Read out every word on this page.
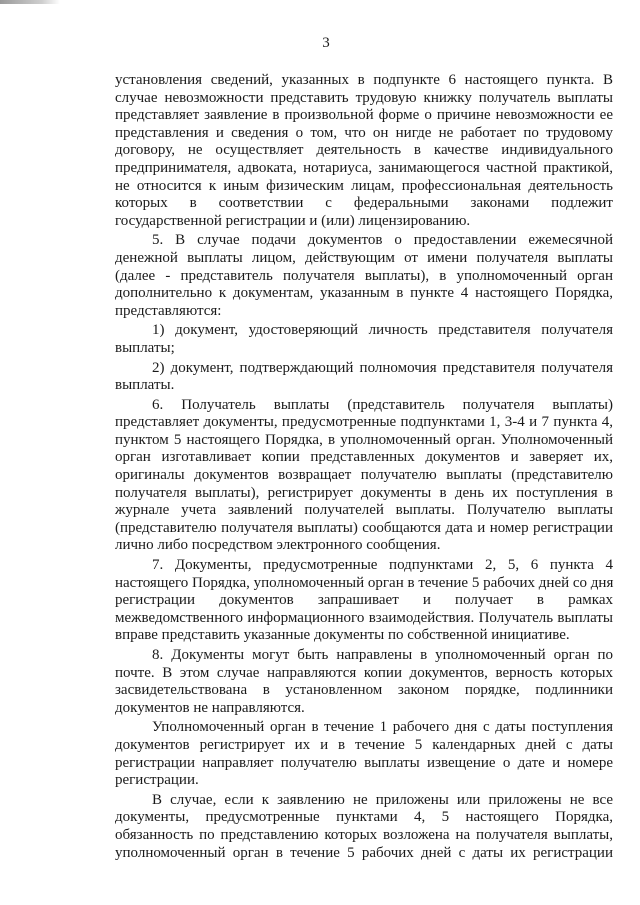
3
установления сведений, указанных в подпункте 6 настоящего пункта. В
случае невозможности представить трудовую книжку получатель выплаты
представляет заявление в произвольной форме о причине невозможности ее
представления и сведения о том, что он нигде не работает по трудовому
договору, не осуществляет деятельность в качестве индивидуального
предпринимателя, адвоката, нотариуса, занимающегося частной практикой,
не относится к иным физическим лицам, профессиональная деятельность
которых в соответствии с федеральными законами подлежит
государственной регистрации и (или) лицензированию.
5. В случае подачи документов о предоставлении ежемесячной
денежной выплаты лицом, действующим от имени получателя выплаты
(далее - представитель получателя выплаты), в уполномоченный орган
дополнительно к документам, указанным в пункте 4 настоящего Порядка,
представляются:
1) документ, удостоверяющий личность представителя получателя
выплаты;
2) документ, подтверждающий полномочия представителя получателя
выплаты.
6. Получатель выплаты (представитель получателя выплаты)
представляет документы, предусмотренные подпунктами 1, 3-4 и 7 пункта 4,
пунктом 5 настоящего Порядка, в уполномоченный орган. Уполномоченный
орган изготавливает копии представленных документов и заверяет их,
оригиналы документов возвращает получателю выплаты (представителю
получателя выплаты), регистрирует документы в день их поступления в
журнале учета заявлений получателей выплаты. Получателю выплаты
(представителю получателя выплаты) сообщаются дата и номер регистрации
лично либо посредством электронного сообщения.
7. Документы, предусмотренные подпунктами 2, 5, 6 пункта 4
настоящего Порядка, уполномоченный орган в течение 5 рабочих дней со дня
регистрации документов запрашивает и получает в рамках
межведомственного информационного взаимодействия. Получатель выплаты
вправе представить указанные документы по собственной инициативе.
8. Документы могут быть направлены в уполномоченный орган по
почте. В этом случае направляются копии документов, верность которых
засвидетельствована в установленном законом порядке, подлинники
документов не направляются.
Уполномоченный орган в течение 1 рабочего дня с даты поступления
документов регистрирует их и в течение 5 календарных дней с даты
регистрации направляет получателю выплаты извещение о дате и номере
регистрации.
В случае, если к заявлению не приложены или приложены не все
документы, предусмотренные пунктами 4, 5 настоящего Порядка,
обязанность по представлению которых возложена на получателя выплаты,
уполномоченный орган в течение 5 рабочих дней с даты их регистрации
